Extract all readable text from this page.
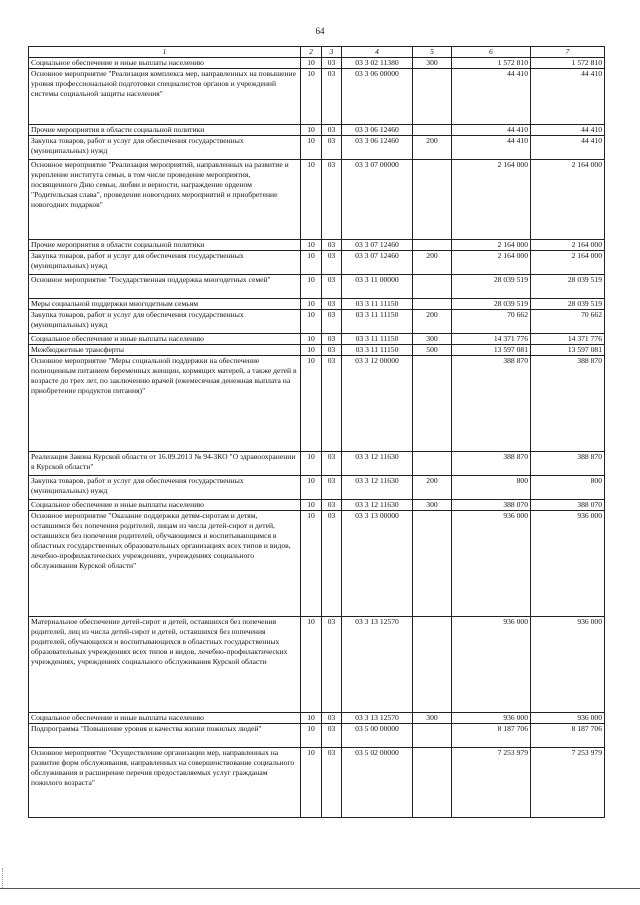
64
1	2	3	4	5	6	7
Социальное обеспечение и иные выплаты населению	10	03	03 3 02 11380	300	1 572 810	1 572 810
Основное мероприятие "Реализация комплекса мер, направленных на повышение уровня профессиональной подготовки специалистов органов и учреждений системы социальной защиты населения"	10	03	03 3 06 00000		44 410	44 410
Прочие мероприятия в области социальной политики	10	03	03 3 06 12460		44 410	44 410
Закупка товаров, работ и услуг для обеспечения государственных (муниципальных) нужд	10	03	03 3 06 12460	200	44 410	44 410
Основное мероприятие "Реализация мероприятий, направленных на развитие и укрепление института семьи, в том числе проведение мероприятия, посвященного Дню семьи, любви и верности, награждение орденом "Родительская слава", проведение новогодних мероприятий и приобретение новогодних подарков"	10	03	03 3 07 00000		2 164 000	2 164 000
Прочие мероприятия в области социальной политики	10	03	03 3 07 12460		2 164 000	2 164 000
Закупка товаров, работ и услуг для обеспечения государственных (муниципальных) нужд	10	03	03 3 07 12460	200	2 164 000	2 164 000
Основное мероприятие "Государственная поддержка многодетных семей"	10	03	03 3 11 00000		28 039 519	28 039 519
Меры социальной поддержки многодетным семьям	10	03	03 3 11 11150		28 039 519	28 039 519
Закупка товаров, работ и услуг для обеспечения государственных (муниципальных) нужд	10	03	03 3 11 11150	200	70 662	70 662
Социальное обеспечение и иные выплаты населению	10	03	03 3 11 11150	300	14 371 776	14 371 776
Межбюджетные трансферты	10	03	03 3 11 11150	500	13 597 081	13 597 081
Основное мероприятие "Меры социальной поддержки на обеспечение полноценным питанием беременных женщин, кормящих матерей, а также детей в возрасте до трех лет, по заключению врачей (ежемесячная денежная выплата на приобретение продуктов питания)"	10	03	03 3 12 00000		388 870	388 870
Реализация Закона Курской области от 16.09.2013 № 94-ЗКО "О здравоохранении в Курской области"	10	03	03 3 12 11630		388 870	388 870
Закупка товаров, работ и услуг для обеспечения государственных (муниципальных) нужд	10	03	03 3 12 11630	200	800	800
Социальное обеспечение и иные выплаты населению	10	03	03 3 12 11630	300	388 070	388 070
Основное мероприятие "Оказание поддержки детям-сиротам и детям, оставшимся без попечения родителей, лицам из числа детей-сирот и детей, оставшихся без попечения родителей, обучающимся и воспитывающимся в областных государственных образовательных организациях всех типов и видов, лечебно-профилактических учреждениях, учреждениях социального обслуживания Курской области"	10	03	03 3 13 00000		936 000	936 000
Материальное обеспечение детей-сирот и детей, оставшихся без попечения родителей, лиц из числа детей-сирот и детей, оставшихся без попечения родителей, обучающихся и воспитывающихся в областных государственных образовательных учреждениях всех типов и видов, лечебно-профилактических учреждениях, учреждениях социального обслуживания Курской области	10	03	03 3 13 12570		936 000	936 000
Социальное обеспечение и иные выплаты населению	10	03	03 3 13 12570	300	936 000	936 000
Подпрограмма "Повышение уровня и качества жизни пожилых людей"	10	03	03 5 00 00000		8 187 706	8 187 706
Основное мероприятие "Осуществление организации мер, направленных на развитие форм обслуживания, направленных на совершенствование социального обслуживания и расширение перечня предоставляемых услуг гражданам пожилого возраста"	10	03	03 5 02 00000		7 253 979	7 253 979
